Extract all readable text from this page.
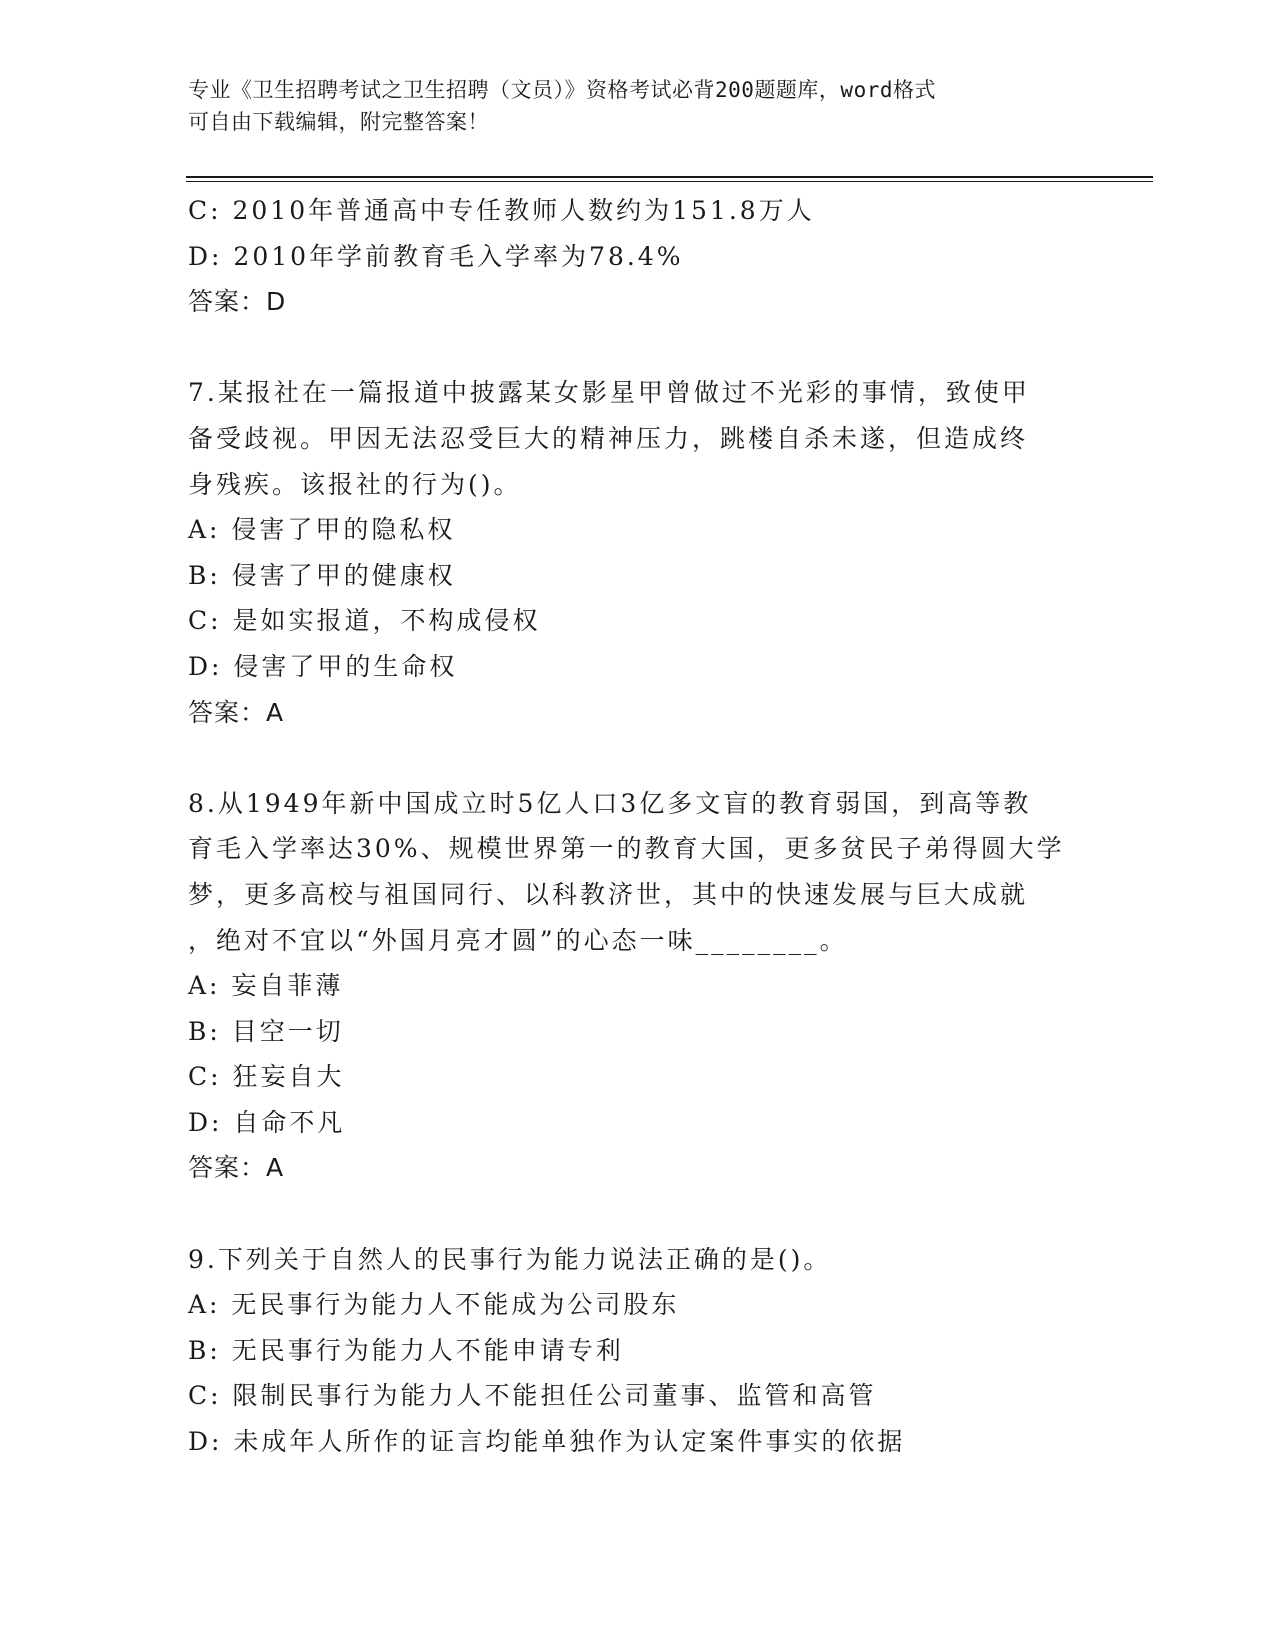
专业《卫生招聘考试之卫生招聘（文员）》资格考试必背200题题库，word格式
可自由下载编辑，附完整答案！
C: 2010年普通高中专任教师人数约为151.8万人
D: 2010年学前教育毛入学率为78.4%
答案：D
7.某报社在一篇报道中披露某女影星甲曾做过不光彩的事情，致使甲
备受歧视。甲因无法忍受巨大的精神压力，跳楼自杀未遂，但造成终
身残疾。该报社的行为()。
A: 侵害了甲的隐私权
B: 侵害了甲的健康权
C: 是如实报道，不构成侵权
D: 侵害了甲的生命权
答案：A
8.从1949年新中国成立时5亿人口3亿多文盲的教育弱国，到高等教
育毛入学率达30%、规模世界第一的教育大国，更多贫民子弟得圆大学
梦，更多高校与祖国同行、以科教济世，其中的快速发展与巨大成就
，绝对不宜以“外国月亮才圆”的心态一味________。
A: 妄自菲薄
B: 目空一切
C: 狂妄自大
D: 自命不凡
答案：A
9.下列关于自然人的民事行为能力说法正确的是()。
A: 无民事行为能力人不能成为公司股东
B: 无民事行为能力人不能申请专利
C: 限制民事行为能力人不能担任公司董事、监管和高管
D: 未成年人所作的证言均能单独作为认定案件事实的依据
